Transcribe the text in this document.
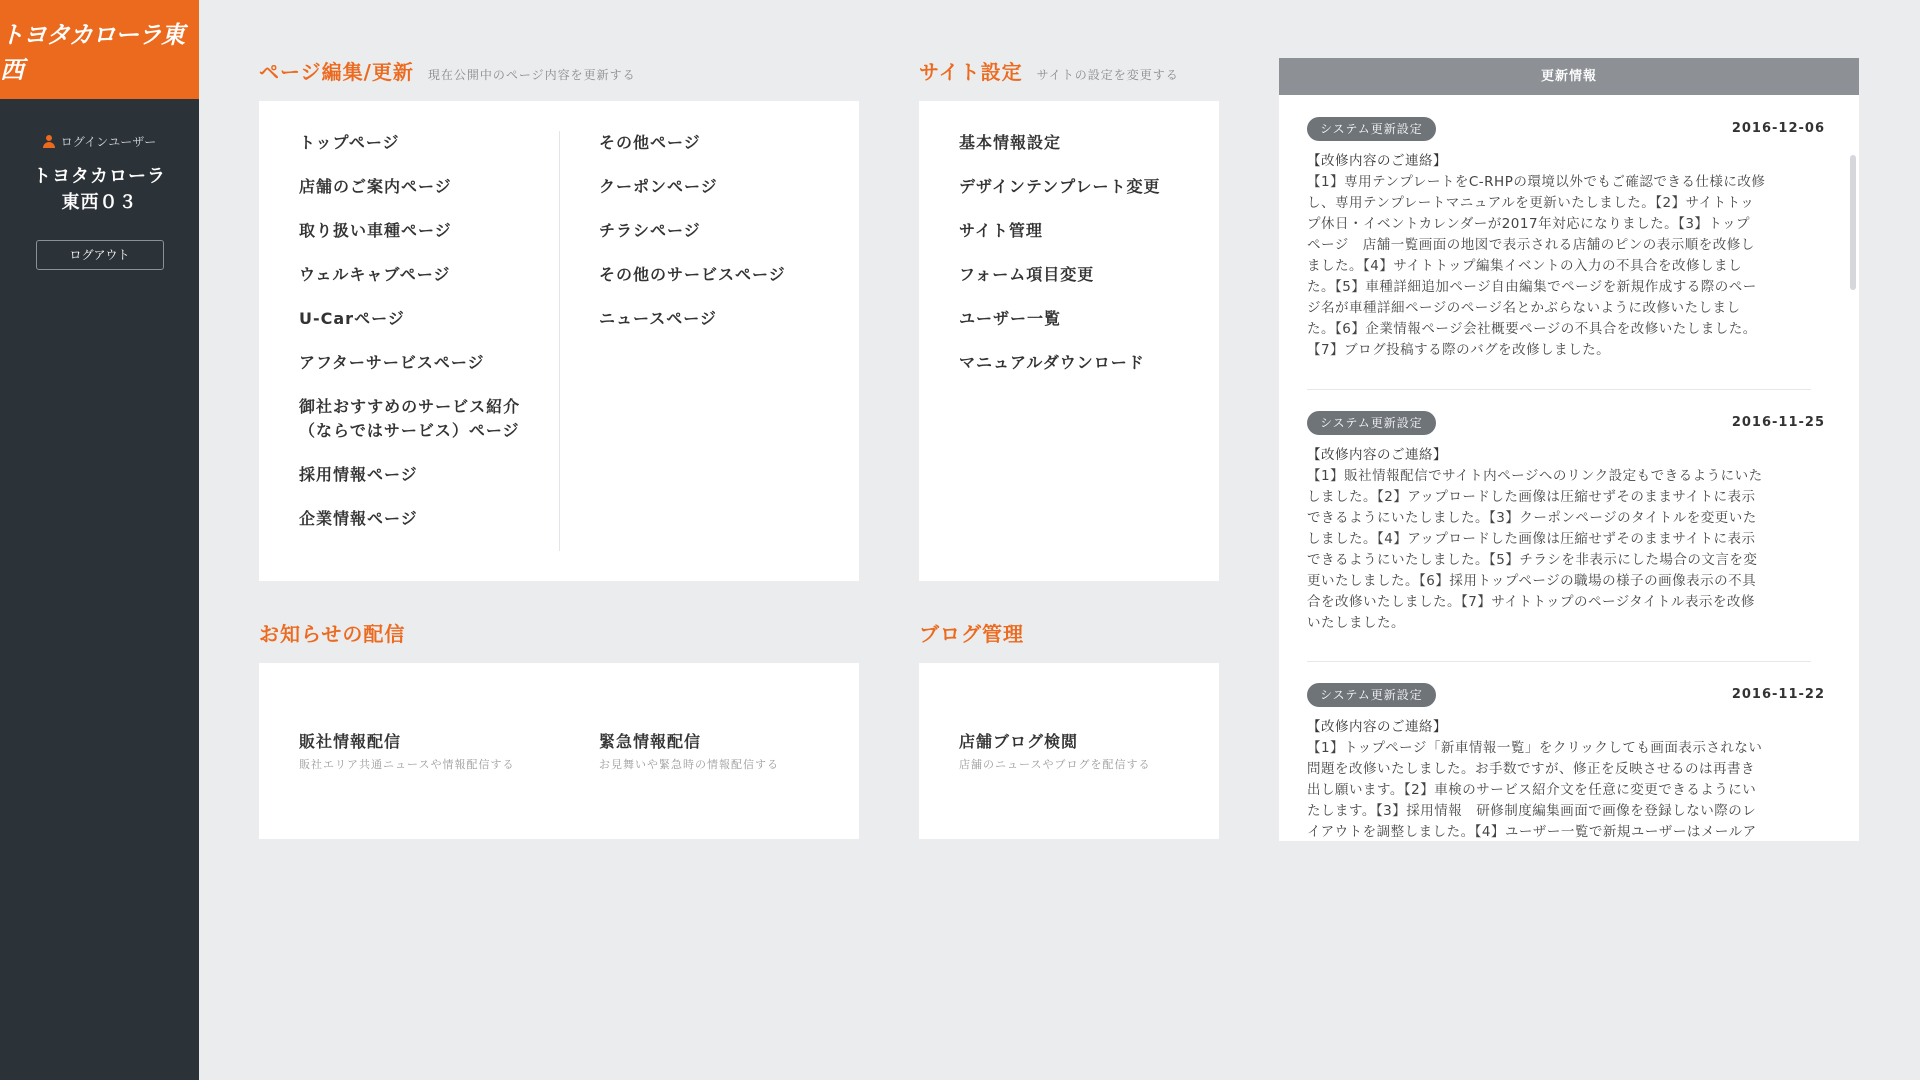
トヨタカローラ東西
ログインユーザー
トヨタカローラ
東西０３
ログアウト
ページ編集/更新 現在公開中のページ内容を更新する
トップページ
店舗のご案内ページ
取り扱い車種ページ
ウェルキャブページ
U-Carページ
アフターサービスページ
御社おすすめのサービス紹介
（ならではサービス）ページ
採用情報ページ
企業情報ページ
その他ページ
クーポンページ
チラシページ
その他のサービスページ
ニュースページ
サイト設定 サイトの設定を変更する
基本情報設定
デザインテンプレート変更
サイト管理
フォーム項目変更
ユーザー一覧
マニュアルダウンロード
お知らせの配信
販社情報配信
販社エリア共通ニュースや情報配信する
緊急情報配信
お見舞いや緊急時の情報配信する
ブログ管理
店舗ブログ検閲
店舗のニュースやブログを配信する
更新情報
システム更新設定	2016-12-06
【改修内容のご連絡】
【1】専用テンプレートをC-RHPの環境以外でもご確認できる仕様に改修
し、専用テンプレートマニュアルを更新いたしました。【2】サイトトッ
プ休日・イベントカレンダーが2017年対応になりました。【3】トップ
ページ　店舗一覧画面の地図で表示される店舗のピンの表示順を改修し
ました。【4】サイトトップ編集イベントの入力の不具合を改修しまし
た。【5】車種詳細追加ページ自由編集でページを新規作成する際のペー
ジ名が車種詳細ページのページ名とかぶらないように改修いたしまし
た。【6】企業情報ページ会社概要ページの不具合を改修いたしました。
【7】ブログ投稿する際のバグを改修しました。
システム更新設定	2016-11-25
【改修内容のご連絡】
【1】販社情報配信でサイト内ページへのリンク設定もできるようにいた
しました。【2】アップロードした画像は圧縮せずそのままサイトに表示
できるようにいたしました。【3】クーポンページのタイトルを変更いた
しました。【4】アップロードした画像は圧縮せずそのままサイトに表示
できるようにいたしました。【5】チラシを非表示にした場合の文言を変
更いたしました。【6】採用トップページの職場の様子の画像表示の不具
合を改修いたしました。【7】サイトトップのページタイトル表示を改修
いたしました。
システム更新設定	2016-11-22
【改修内容のご連絡】
【1】トップページ「新車情報一覧」をクリックしても画面表示されない
問題を改修いたしました。お手数ですが、修正を反映させるのは再書き
出し願います。【2】車検のサービス紹介文を任意に変更できるようにい
たします。【3】採用情報　研修制度編集画面で画像を登録しない際のレ
イアウトを調整しました。【4】ユーザー一覧で新規ユーザーはメールア
